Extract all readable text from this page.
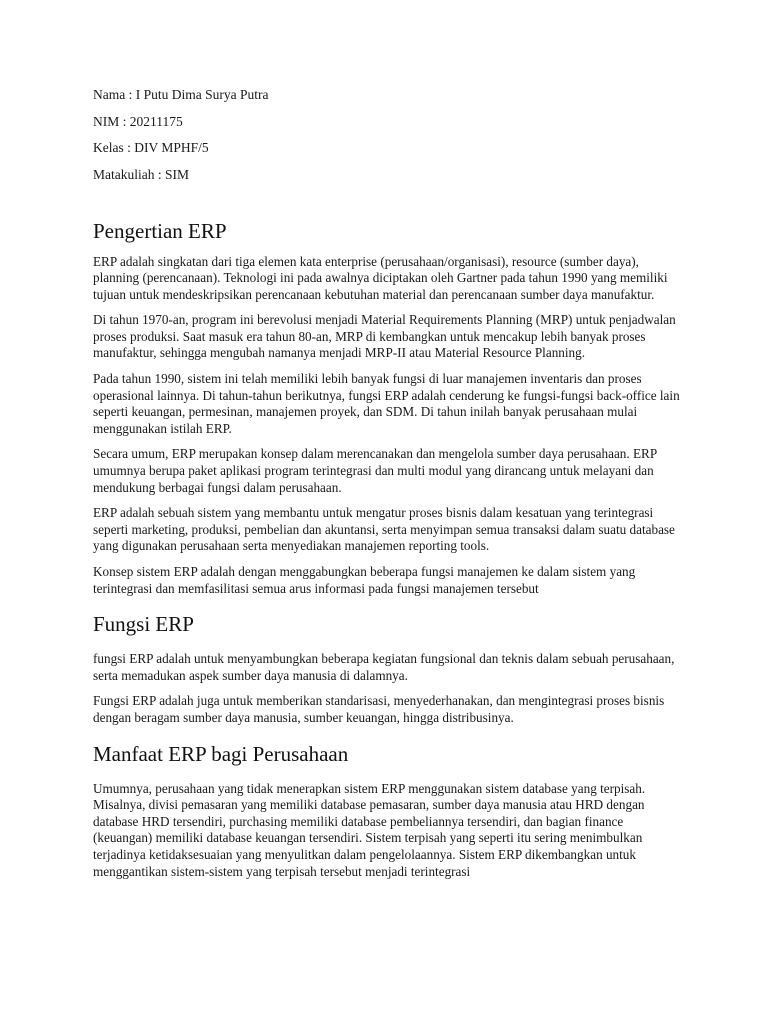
Nama : I Putu Dima Surya Putra
NIM : 20211175
Kelas : DIV MPHF/5
Matakuliah : SIM
Pengertian ERP

ERP adalah singkatan dari tiga elemen kata enterprise (perusahaan/organisasi), resource (sumber daya), planning (perencanaan). Teknologi ini pada awalnya diciptakan oleh Gartner pada tahun 1990 yang memiliki tujuan untuk mendeskripsikan perencanaan kebutuhan material dan perencanaan sumber daya manufaktur.

Di tahun 1970-an, program ini berevolusi menjadi Material Requirements Planning (MRP) untuk penjadwalan proses produksi. Saat masuk era tahun 80-an, MRP di kembangkan untuk mencakup lebih banyak proses manufaktur, sehingga mengubah namanya menjadi MRP-II atau Material Resource Planning.

Pada tahun 1990, sistem ini telah memiliki lebih banyak fungsi di luar manajemen inventaris dan proses operasional lainnya. Di tahun-tahun berikutnya, fungsi ERP adalah cenderung ke fungsi-fungsi back-office lain seperti keuangan, permesinan, manajemen proyek, dan SDM. Di tahun inilah banyak perusahaan mulai menggunakan istilah ERP.

Secara umum, ERP merupakan konsep dalam merencanakan dan mengelola sumber daya perusahaan. ERP umumnya berupa paket aplikasi program terintegrasi dan multi modul yang dirancang untuk melayani dan mendukung berbagai fungsi dalam perusahaan.

ERP adalah sebuah sistem yang membantu untuk mengatur proses bisnis dalam kesatuan yang terintegrasi seperti marketing, produksi, pembelian dan akuntansi, serta menyimpan semua transaksi dalam suatu database yang digunakan perusahaan serta menyediakan manajemen reporting tools.

Konsep sistem ERP adalah dengan menggabungkan beberapa fungsi manajemen ke dalam sistem yang terintegrasi dan memfasilitasi semua arus informasi pada fungsi manajemen tersebut

Fungsi ERP

fungsi ERP adalah untuk menyambungkan beberapa kegiatan fungsional dan teknis dalam sebuah perusahaan, serta memadukan aspek sumber daya manusia di dalamnya.

Fungsi ERP adalah juga untuk memberikan standarisasi, menyederhanakan, dan mengintegrasi proses bisnis dengan beragam sumber daya manusia, sumber keuangan, hingga distribusinya.

Manfaat ERP bagi Perusahaan

Umumnya, perusahaan yang tidak menerapkan sistem ERP menggunakan sistem database yang terpisah. Misalnya, divisi pemasaran yang memiliki database pemasaran, sumber daya manusia atau HRD dengan database HRD tersendiri, purchasing memiliki database pembeliannya tersendiri, dan bagian finance (keuangan) memiliki database keuangan tersendiri. Sistem terpisah yang seperti itu sering menimbulkan terjadinya ketidaksesuaian yang menyulitkan dalam pengelolaannya. Sistem ERP dikembangkan untuk menggantikan sistem-sistem yang terpisah tersebut menjadi terintegrasi
